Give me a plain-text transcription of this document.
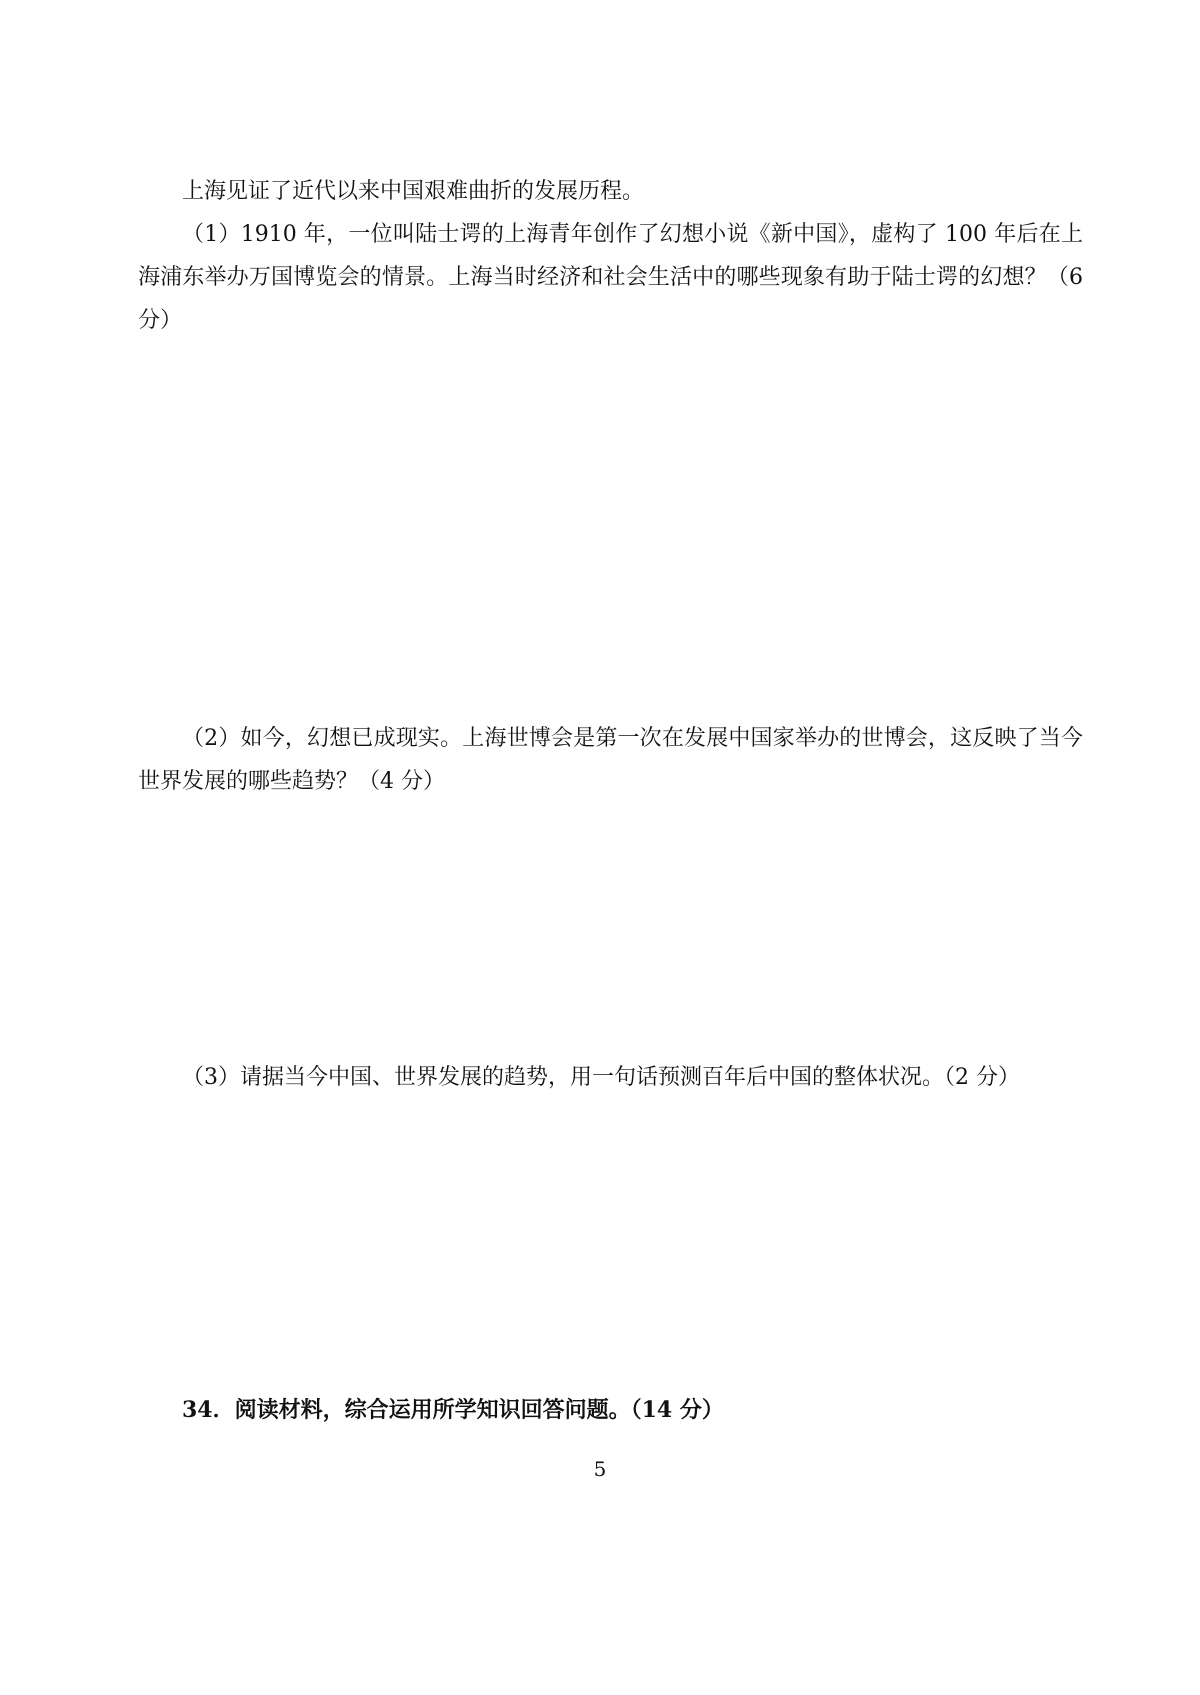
上海见证了近代以来中国艰难曲折的发展历程。

（1）1910 年，一位叫陆士谔的上海青年创作了幻想小说《新中国》，虚构了 100 年后在上海浦东举办万国博览会的情景。上海当时经济和社会生活中的哪些现象有助于陆士谔的幻想？（6 分）

（2）如今，幻想已成现实。上海世博会是第一次在发展中国家举办的世博会，这反映了当今世界发展的哪些趋势？（4 分）

（3）请据当今中国、世界发展的趋势，用一句话预测百年后中国的整体状况。（2 分）

34．阅读材料，综合运用所学知识回答问题。（14 分）

5
